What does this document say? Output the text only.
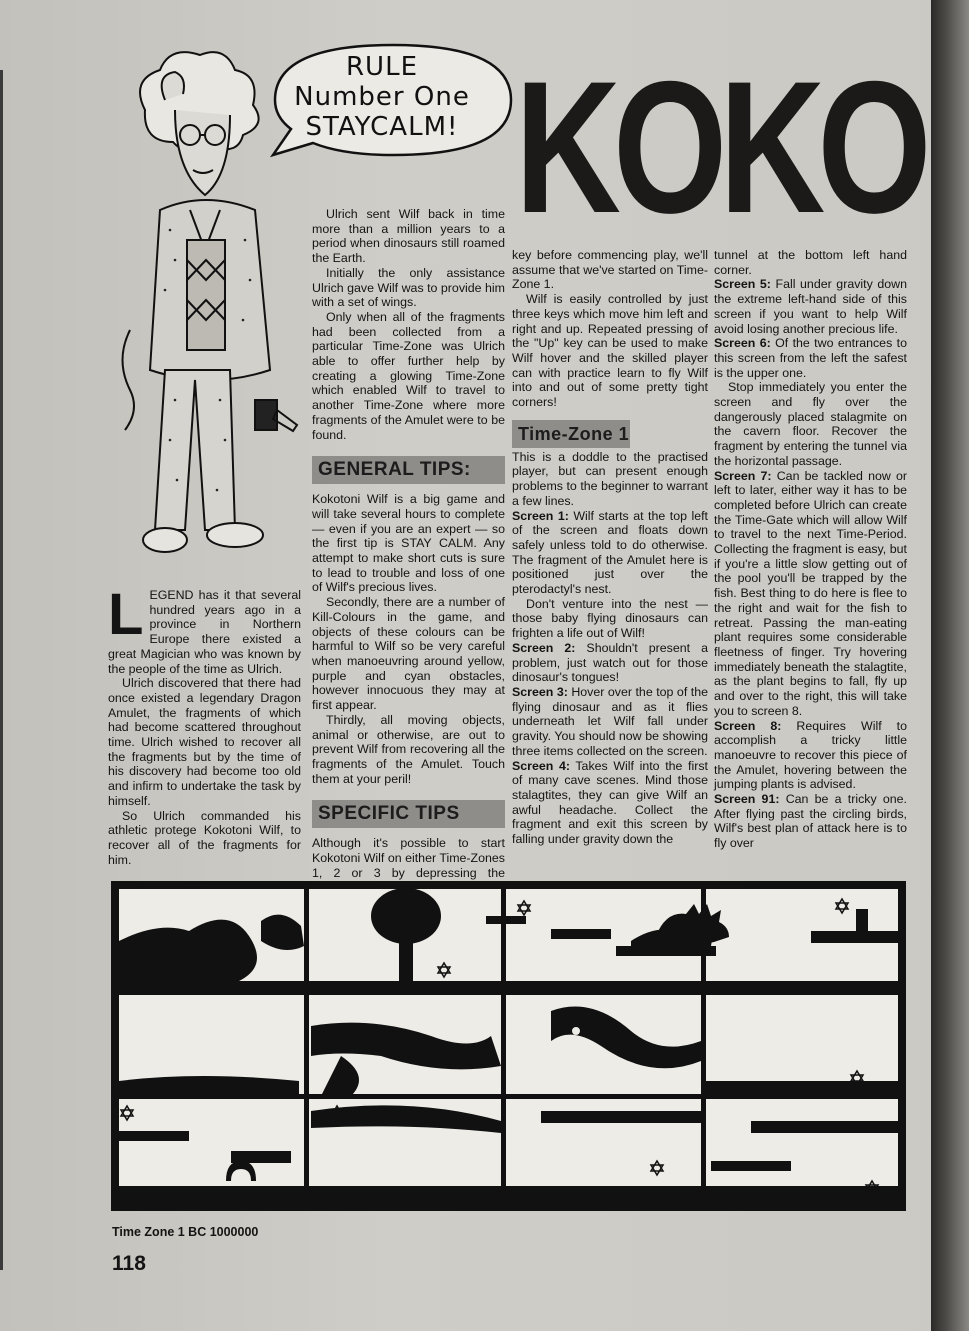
RULE
Number One
STAYCALM! KOKO

LEGEND has it that several hundred years ago in a province in Northern Europe there existed a great Magician who was known by the people of the time as Ulrich.

Ulrich discovered that there had once existed a legendary Dragon Amulet, the fragments of which had become scattered throughout time. Ulrich wished to recover all the fragments but by the time of his discovery had become too old and infirm to undertake the task by himself.

So Ulrich commanded his athletic protege Kokotoni Wilf, to recover all of the fragments for him.

Ulrich sent Wilf back in time more than a million years to a period when dinosaurs still roamed the Earth.

Initially the only assistance Ulrich gave Wilf was to provide him with a set of wings.

Only when all of the fragments had been collected from a particular Time-Zone was Ulrich able to offer further help by creating a glowing Time-Zone which enabled Wilf to travel to another Time-Zone where more fragments of the Amulet were to be found.

GENERAL TIPS:

Kokotoni Wilf is a big game and will take several hours to complete — even if you are an expert — so the first tip is STAY CALM. Any attempt to make short cuts is sure to lead to trouble and loss of one of Wilf's precious lives.

Secondly, there are a number of Kill-Colours in the game, and objects of these colours can be harmful to Wilf so be very careful when manoeuvring around yellow, purple and cyan obstacles, however innocuous they may at first appear.

Thirdly, all moving objects, animal or otherwise, are out to prevent Wilf from recovering all the fragments of the Amulet. Touch them at your peril!

SPECIFIC TIPS

Although it's possible to start Kokotoni Wilf on either Time-Zones 1, 2 or 3 by depressing the

key before commencing play, we'll assume that we've started on Time-Zone 1.

Wilf is easily controlled by just three keys which move him left and right and up. Repeated pressing of the "Up" key can be used to make Wilf hover and the skilled player can with practice learn to fly Wilf into and out of some pretty tight corners!

Time-Zone 1

This is a doddle to the practised player, but can present enough problems to the beginner to warrant a few lines.

Screen 1: Wilf starts at the top left of the screen and floats down safely unless told to do otherwise. The fragment of the Amulet here is positioned just over the pterodactyl's nest.

Don't venture into the nest — those baby flying dinosaurs can frighten a life out of Wilf!

Screen 2: Shouldn't present a problem, just watch out for those dinosaur's tongues!

Screen 3: Hover over the top of the flying dinosaur and as it flies underneath let Wilf fall under gravity. You should now be showing three items collected on the screen.

Screen 4: Takes Wilf into the first of many cave scenes. Mind those stalagtites, they can give Wilf an awful headache. Collect the fragment and exit this screen by falling under gravity down the

tunnel at the bottom left hand corner.

Screen 5: Fall under gravity down the extreme left-hand side of this screen if you want to help Wilf avoid losing another precious life.

Screen 6: Of the two entrances to this screen from the left the safest is the upper one.

Stop immediately you enter the screen and fly over the dangerously placed stalagmite on the cavern floor. Recover the fragment by entering the tunnel via the horizontal passage.

Screen 7: Can be tackled now or left to later, either way it has to be completed before Ulrich can create the Time-Gate which will allow Wilf to travel to the next Time-Period. Collecting the fragment is easy, but if you're a little slow getting out of the pool you'll be trapped by the fish. Best thing to do here is flee to the right and wait for the fish to retreat. Passing the man-eating plant requires some considerable fleetness of finger. Try hovering immediately beneath the stalagtite, as the plant begins to fall, fly up and over to the right, this will take you to screen 8.

Screen 8: Requires Wilf to accomplish a tricky little manoeuvre to recover this piece of the Amulet, hovering between the jumping plants is advised.

Screen 91: Can be a tricky one. After flying past the circling birds, Wilf's best plan of attack here is to fly over

Time Zone 1 BC 1000000
118
